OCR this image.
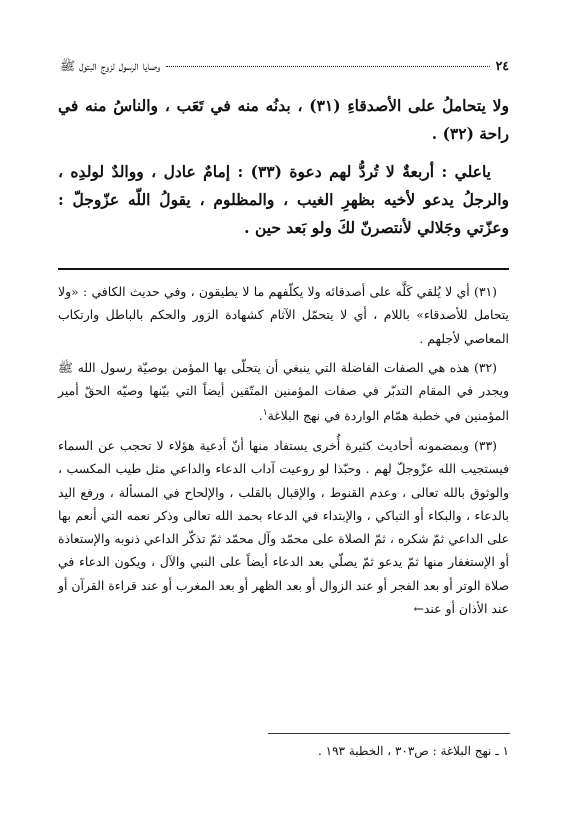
٢٤
وصايا الرسول لزوج البتول ﷺ

ولا يتحاملُ على الأصدقاءِ (٣١) ، بدنُه منه في تَعَب ، والناسُ منه في راحة (٣٢) .

ياعلي : أربعةٌ لا تُردُّ لهم دعوة (٣٣) : إمامٌ عادل ، ووالدٌ لولدِه ، والرجلُ يدعو لأخيه بظهرِ الغيب ، والمظلوم ، يقولُ اللّه عزّوجلّ : وعزّتي وجَلالي لأنتصرنّ لكَ ولو بَعد حين .

(٣١) أي لا يُلقي كَلَّه على أصدقائه ولا يكلّفهم ما لا يطيقون ، وفي حديث الكافي : «ولا يتحامل للأصدقاء» باللام ، أي لا يتحمّل الآثام كشهادة الزور والحكم بالباطل وارتكاب المعاصي لأجلهم .

(٣٢) هذه هي الصفات الفاضلة التي ينبغي أن يتحلّى بها المؤمن بوصيّة رسول الله ﷺ ويجدر في المقام التدبّر في صفات المؤمنين المتّقين أيضاً التي بيّنها وصيّه الحقّ أمير المؤمنين في خطبة همّام الواردة في نهج البلاغة$^١$.

(٣٣) وبمضمونه أحاديث كثيرة أُخرى يستفاد منها أنّ أدعية هؤلاء لا تحجب عن السماء فيستجيب الله عزّوجلّ لهم . وحبّذا لو روعيت آداب الدعاء والداعي مثل طيب المكسب ، والوثوق بالله تعالى ، وعدم القنوط ، والإقبال بالقلب ، والإلحاح في المسألة ، ورفع اليد بالدعاء ، والبكاء أو التباكي ، والإبتداء في الدعاء بحمد الله تعالى وذكر نعمه التي أنعم بها على الداعي ثمّ شكره ، ثمّ الصلاة على محمّد وآل محمّد ثمّ تذكّر الداعي ذنوبه والإستعاذة أو الإستغفار منها ثمّ يدعو ثمّ يصلّي بعد الدعاء أيضاً على النبي والآل ، ويكون الدعاء في صلاة الوتر أو بعد الفجر أو عند الزوال أو بعد الظهر أو بعد المغرب أو عند قراءة القرآن أو عند الأذان أو عند←

١ ـ نهج البلاغة : ص٣٠٣ ، الخطبة ١٩٣ .
